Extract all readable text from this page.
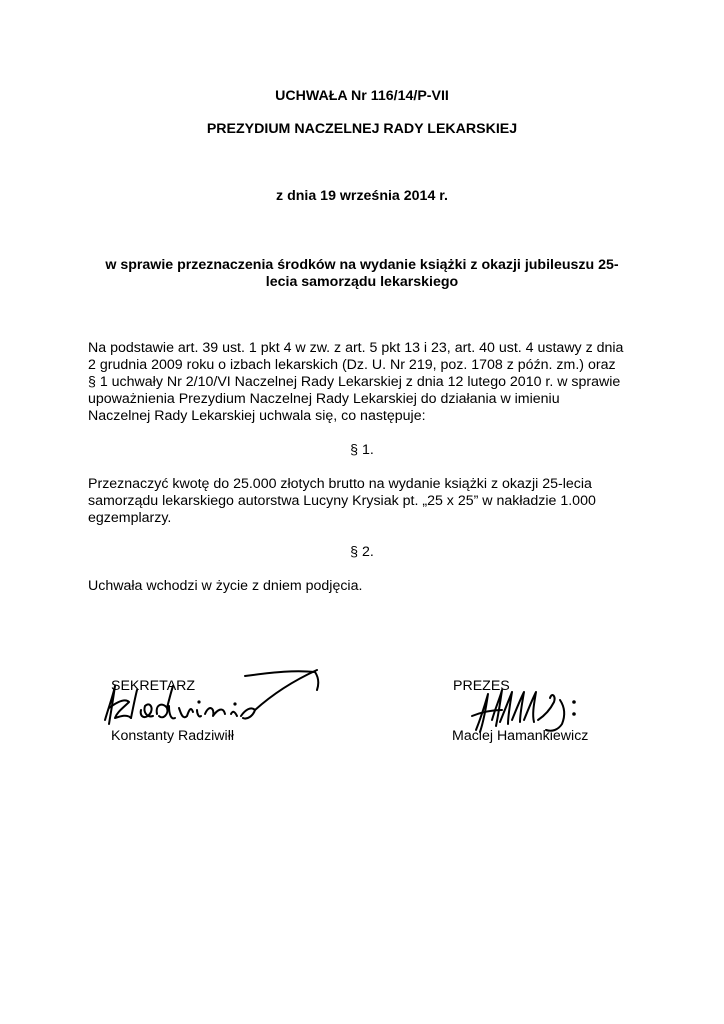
UCHWAŁA Nr 116/14/P-VII

PREZYDIUM NACZELNEJ RADY LEKARSKIEJ

z dnia 19 września 2014 r.

w sprawie przeznaczenia środków na wydanie książki z okazji jubileuszu 25-

lecia samorządu lekarskiego

Na podstawie art. 39 ust. 1 pkt 4 w zw. z art. 5 pkt 13 i 23, art. 40 ust. 4 ustawy z dnia

2 grudnia 2009 roku o izbach lekarskich (Dz. U. Nr 219, poz. 1708 z późn. zm.) oraz

§ 1 uchwały Nr 2/10/VI Naczelnej Rady Lekarskiej z dnia 12 lutego 2010 r. w sprawie

upoważnienia Prezydium Naczelnej Rady Lekarskiej do działania w imieniu

Naczelnej Rady Lekarskiej uchwala się, co następuje:

§ 1.

Przeznaczyć kwotę do 25.000 złotych brutto na wydanie książki z okazji 25-lecia

samorządu lekarskiego autorstwa Lucyny Krysiak pt. „25 x 25” w nakładzie 1.000

egzemplarzy.

§ 2.

Uchwała wchodzi w życie z dniem podjęcia.

SEKRETARZ

Konstanty Radziwiłł

PREZES

Maciej Hamankiewicz
